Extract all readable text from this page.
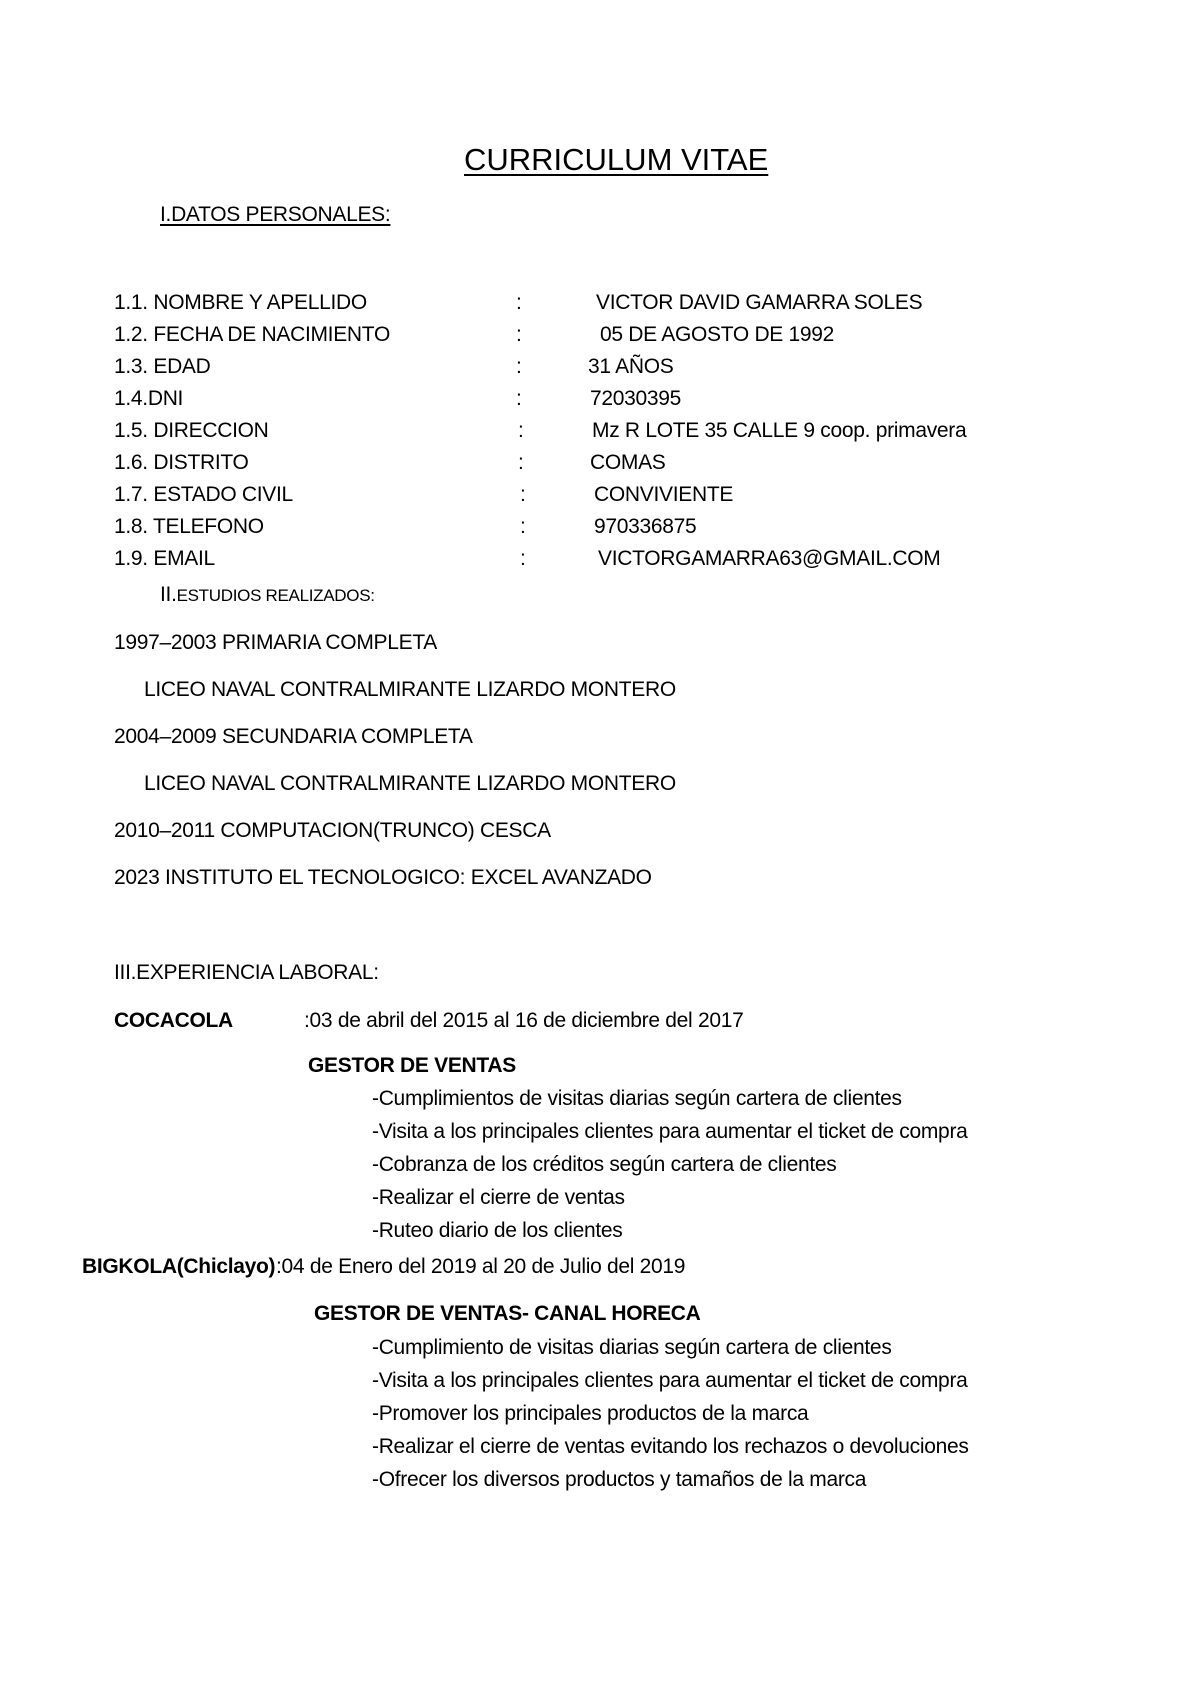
CURRICULUM VITAE
I.DATOS PERSONALES:
1.1. NOMBRE Y APELLIDO	:	VICTOR DAVID GAMARRA SOLES
1.2. FECHA DE NACIMIENTO	:	05 DE AGOSTO DE 1992
1.3. EDAD	:	31 AÑOS
1.4.DNI	:	72030395
1.5. DIRECCION	:	Mz R LOTE 35 CALLE 9 coop. primavera
1.6. DISTRITO	:	COMAS
1.7. ESTADO CIVIL	:	CONVIVIENTE
1.8. TELEFONO	:	970336875
1.9. EMAIL	:	VICTORGAMARRA63@GMAIL.COM
II.ESTUDIOS REALIZADOS:
1997–2003 PRIMARIA COMPLETA
LICEO NAVAL CONTRALMIRANTE LIZARDO MONTERO
2004–2009 SECUNDARIA COMPLETA
LICEO NAVAL CONTRALMIRANTE LIZARDO MONTERO
2010–2011 COMPUTACION(TRUNCO) CESCA
2023 INSTITUTO EL TECNOLOGICO: EXCEL AVANZADO
III.EXPERIENCIA LABORAL:
COCACOLA	:03 de abril del 2015 al 16 de diciembre del 2017
GESTOR DE VENTAS
-Cumplimientos de visitas diarias según cartera de clientes
-Visita a los principales clientes para aumentar el ticket de compra
-Cobranza de los créditos según cartera de clientes
-Realizar el cierre de ventas
-Ruteo diario de los clientes
BIGKOLA(Chiclayo) :04 de Enero del 2019 al 20 de Julio del 2019
GESTOR DE VENTAS- CANAL HORECA
-Cumplimiento de visitas diarias según cartera de clientes
-Visita a los principales clientes para aumentar el ticket de compra
-Promover los principales productos de la marca
-Realizar el cierre de ventas evitando los rechazos o devoluciones
-Ofrecer los diversos productos y tamaños de la marca
